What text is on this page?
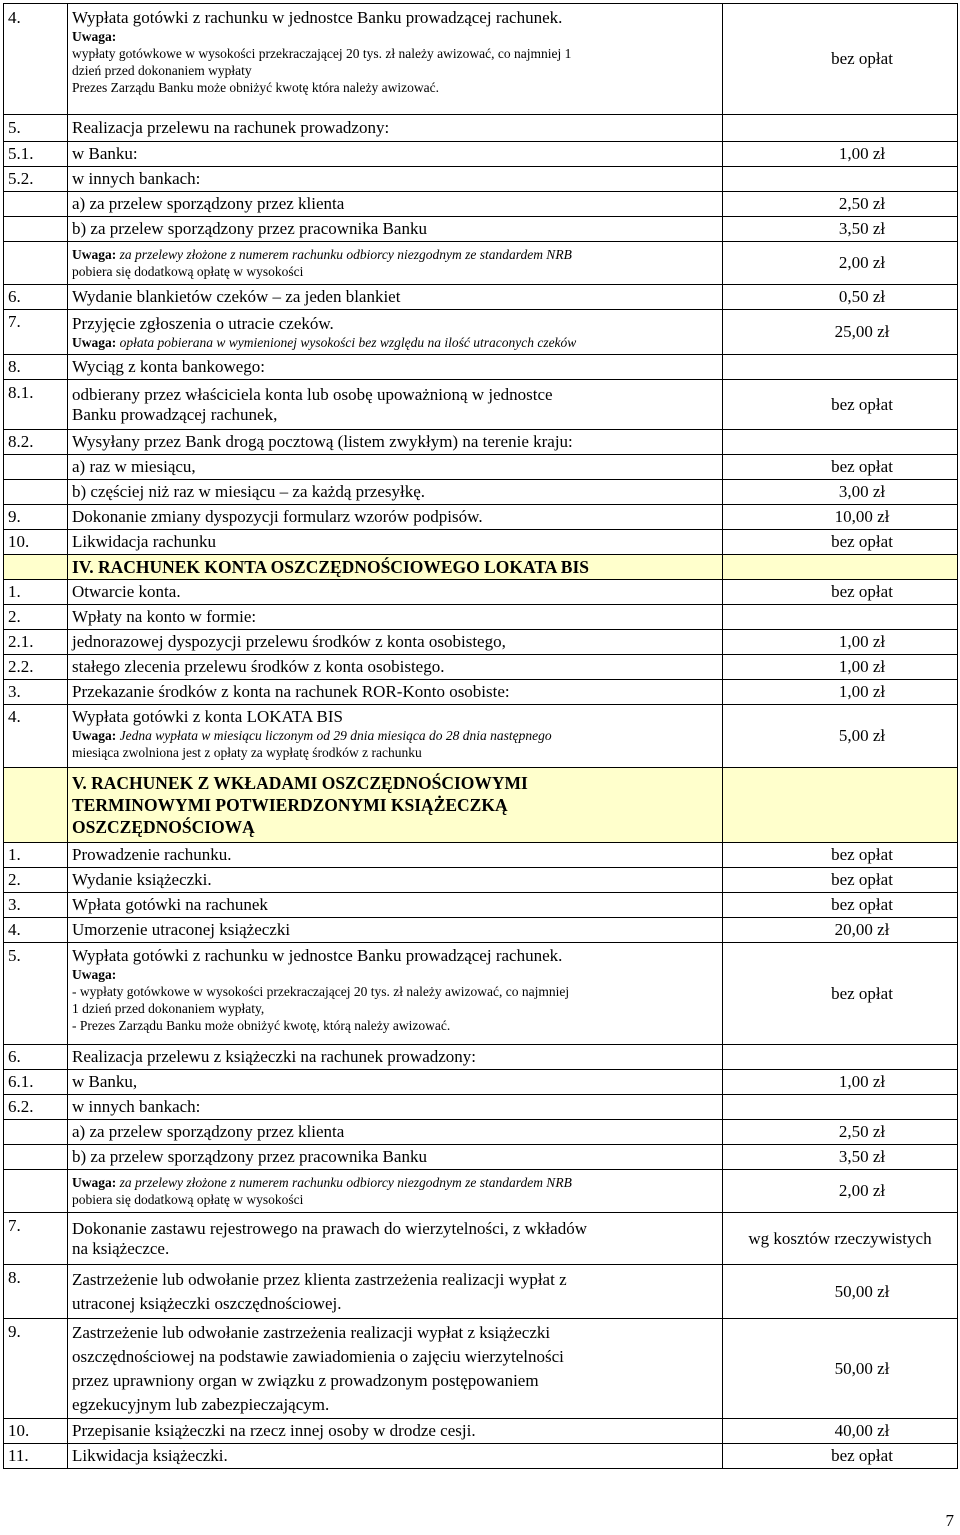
4.	Wypłata gotówki z rachunku w jednostce Banku prowadzącej rachunek.
Uwaga:
wypłaty gotówkowe w wysokości przekraczającej 20 tys. zł należy awizować, co najmniej 1
dzień przed dokonaniem wypłaty
Prezes Zarządu Banku może obniżyć kwotę która należy awizować.	bez opłat
5.	Realizacja przelewu na rachunek prowadzony:	
5.1.	w Banku:	1,00 zł
5.2.	w innych bankach:	
	a) za przelew sporządzony przez klienta	2,50 zł
	b) za przelew sporządzony przez pracownika Banku	3,50 zł

	Uwaga: za przelewy złożone z numerem rachunku odbiorcy niezgodnym ze standardem NRB
pobiera się dodatkową opłatę w wysokości	2,00 zł
6.	Wydanie blankietów czeków – za jeden blankiet	0,50 zł
7.	Przyjęcie zgłoszenia o utracie czeków.
Uwaga: opłata pobierana w wymienionej wysokości bez względu na ilość utraconych czeków	25,00 zł
8.	Wyciąg z konta bankowego:	
8.1.	odbierany przez właściciela konta lub osobę upoważnioną w jednostce
Banku prowadzącej rachunek,	bez opłat
8.2.	Wysyłany przez Bank drogą pocztową (listem zwykłym) na terenie kraju:	
	a) raz w miesiącu,	bez opłat
	b) częściej niż raz w miesiącu – za każdą przesyłkę.	3,00 zł
9.	Dokonanie zmiany dyspozycji formularz wzorów podpisów.	10,00 zł
10.	Likwidacja rachunku	bez opłat
	IV. RACHUNEK KONTA OSZCZĘDNOŚCIOWEGO LOKATA BIS	
1.	Otwarcie konta.	bez opłat
2.	Wpłaty na konto w formie:	
2.1.	jednorazowej dyspozycji przelewu środków z konta osobistego,	1,00 zł
2.2.	stałego zlecenia przelewu środków z konta osobistego.	1,00 zł
3.	Przekazanie środków z konta na rachunek ROR-Konto osobiste:	1,00 zł
4.	Wypłata gotówki z konta LOKATA BIS
Uwaga: Jedna wypłata w miesiącu liczonym od 29 dnia miesiąca do 28 dnia następnego
miesiąca zwolniona jest z opłaty za wypłatę środków z rachunku	5,00 zł

	V. RACHUNEK Z WKŁADAMI OSZCZĘDNOŚCIOWYMI
TERMINOWYMI POTWIERDZONYMI KSIĄŻECZKĄ
OSZCZĘDNOŚCIOWĄ	

1.	Prowadzenie rachunku.	bez opłat
2.	Wydanie książeczki.	bez opłat
3.	Wpłata gotówki na rachunek	bez opłat
4.	Umorzenie utraconej książeczki	20,00 zł
5.	Wypłata gotówki z rachunku w jednostce Banku prowadzącej rachunek.
Uwaga:
- wypłaty gotówkowe w wysokości przekraczającej 20 tys. zł należy awizować, co najmniej
1 dzień przed dokonaniem wypłaty,
- Prezes Zarządu Banku może obniżyć kwotę, którą należy awizować.	bez opłat
6.	Realizacja przelewu z książeczki na rachunek prowadzony:	
6.1.	w Banku,	1,00 zł
6.2.	w innych bankach:	
	a) za przelew sporządzony przez klienta	2,50 zł
	b) za przelew sporządzony przez pracownika Banku	3,50 zł

	Uwaga: za przelewy złożone z numerem rachunku odbiorcy niezgodnym ze standardem NRB
pobiera się dodatkową opłatę w wysokości	2,00 zł
7.	Dokonanie zastawu rejestrowego na prawach do wierzytelności, z wkładów
na książeczce.	wg kosztów rzeczywistych
8.	Zastrzeżenie lub odwołanie przez klienta zastrzeżenia realizacji wypłat z
utraconej książeczki oszczędnościowej.	50,00 zł
9.	Zastrzeżenie lub odwołanie zastrzeżenia realizacji wypłat z książeczki
oszczędnościowej na podstawie zawiadomienia o zajęciu wierzytelności
przez uprawniony organ w związku z prowadzonym postępowaniem
egzekucyjnym lub zabezpieczającym.	50,00 zł
10.	Przepisanie książeczki na rzecz innej osoby w drodze cesji.	40,00 zł
11.	Likwidacja książeczki.	bez opłat
7
